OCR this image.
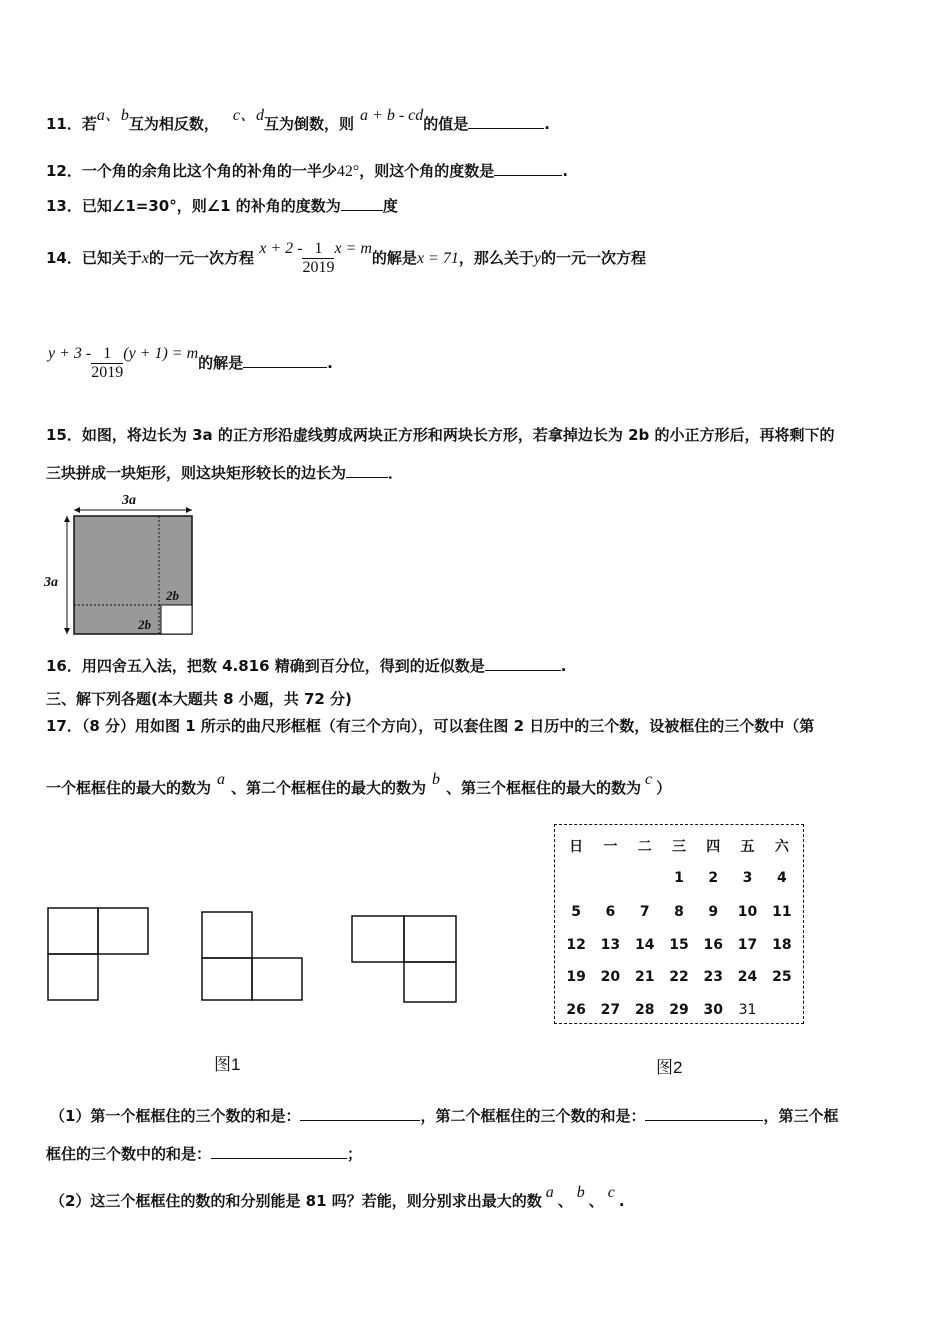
11．若a、b互为相反数， c、d互为倒数，则 a + b - cd的值是	.
12．一个角的余角比这个角的补角的一半少42°，则这个角的度数是	.
13．已知∠1=30°，则∠1 的补角的度数为	度
14．已知关于x的一元一次方程 $x + 2 - \frac{1}{2019}$ x = m的解是x = 71，那么关于y的一元一次方程
$y + 3 - \frac{1}{2019} (y + 1) = m$的解是	.
15．如图，将边长为 3a 的正方形沿虚线剪成两块正方形和两块长方形，若拿掉边长为 2b 的小正方形后，再将剩下的
三块拼成一块矩形，则这块矩形较长的边长为	．
3a
3a
2b
2b
16．用四舍五入法，把数 4.816 精确到百分位，得到的近似数是	.
三、解下列各题(本大题共 8 小题，共 72 分)
17．（8 分）用如图 1 所示的曲尺形框框（有三个方向），可以套住图 2 日历中的三个数，设被框住的三个数中（第
一个框框住的最大的数为 a 、第二个框框住的最大的数为 b 、第三个框框住的最大的数为 c ）
图1
日	一	二	三	四	五	六
			1	2	3	4
5	6	7	8	9	10	11
12	13	14	15	16	17	18
19	20	21	22	23	24	25
26	27	28	29	30	31	
图2
（1）第一个框框住的三个数的和是：	，第二个框框住的三个数的和是：	，第三个框
框住的三个数中的和是：	；
（2）这三个框框住的数的和分别能是 81 吗？若能，则分别求出最大的数 a 、 b 、 c .
